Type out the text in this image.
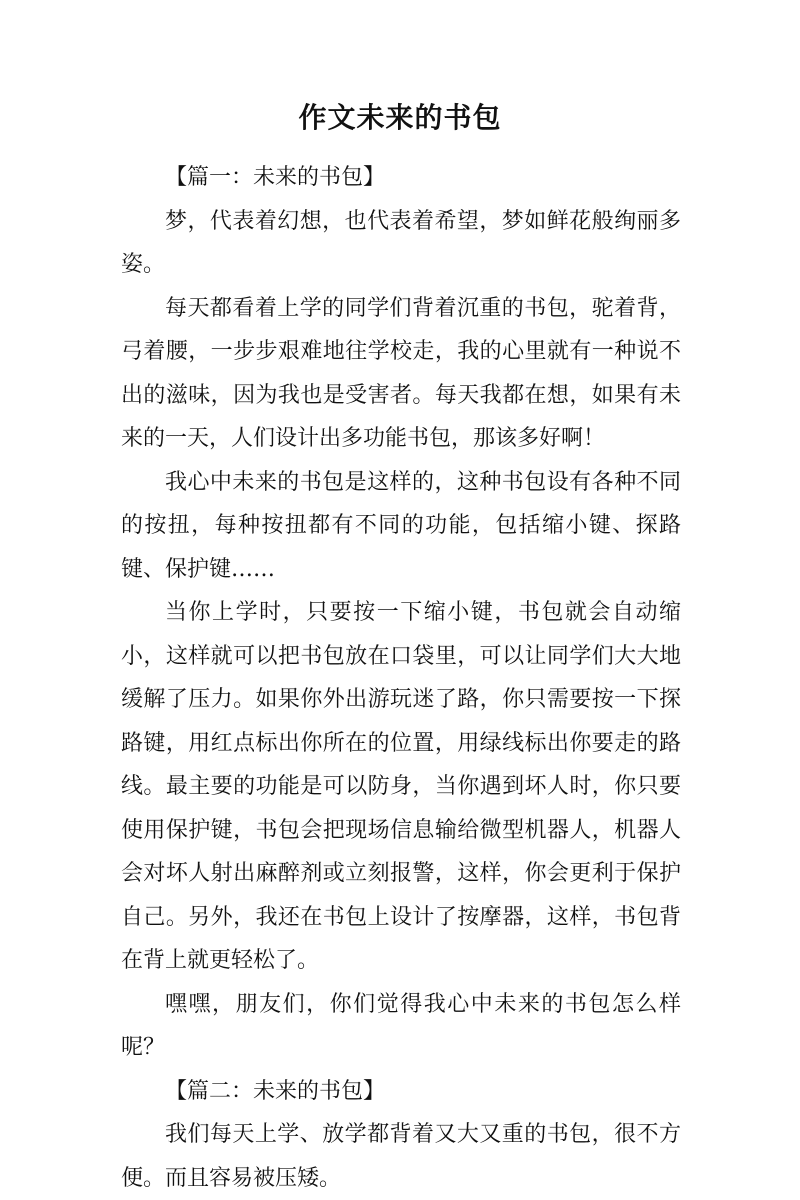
作文未来的书包

【篇一：未来的书包】

梦，代表着幻想，也代表着希望，梦如鲜花般绚丽多姿。

每天都看着上学的同学们背着沉重的书包，驼着背，弓着腰，一步步艰难地往学校走，我的心里就有一种说不出的滋味，因为我也是受害者。每天我都在想，如果有未来的一天，人们设计出多功能书包，那该多好啊！

我心中未来的书包是这样的，这种书包设有各种不同的按扭，每种按扭都有不同的功能，包括缩小键、探路键、保护键……

当你上学时，只要按一下缩小键，书包就会自动缩小，这样就可以把书包放在口袋里，可以让同学们大大地缓解了压力。如果你外出游玩迷了路，你只需要按一下探路键，用红点标出你所在的位置，用绿线标出你要走的路线。最主要的功能是可以防身，当你遇到坏人时，你只要使用保护键，书包会把现场信息输给微型机器人，机器人会对坏人射出麻醉剂或立刻报警，这样，你会更利于保护自己。另外，我还在书包上设计了按摩器，这样，书包背在背上就更轻松了。

嘿嘿，朋友们，你们觉得我心中未来的书包怎么样呢？

【篇二：未来的书包】

我们每天上学、放学都背着又大又重的书包，很不方便。而且容易被压矮。
